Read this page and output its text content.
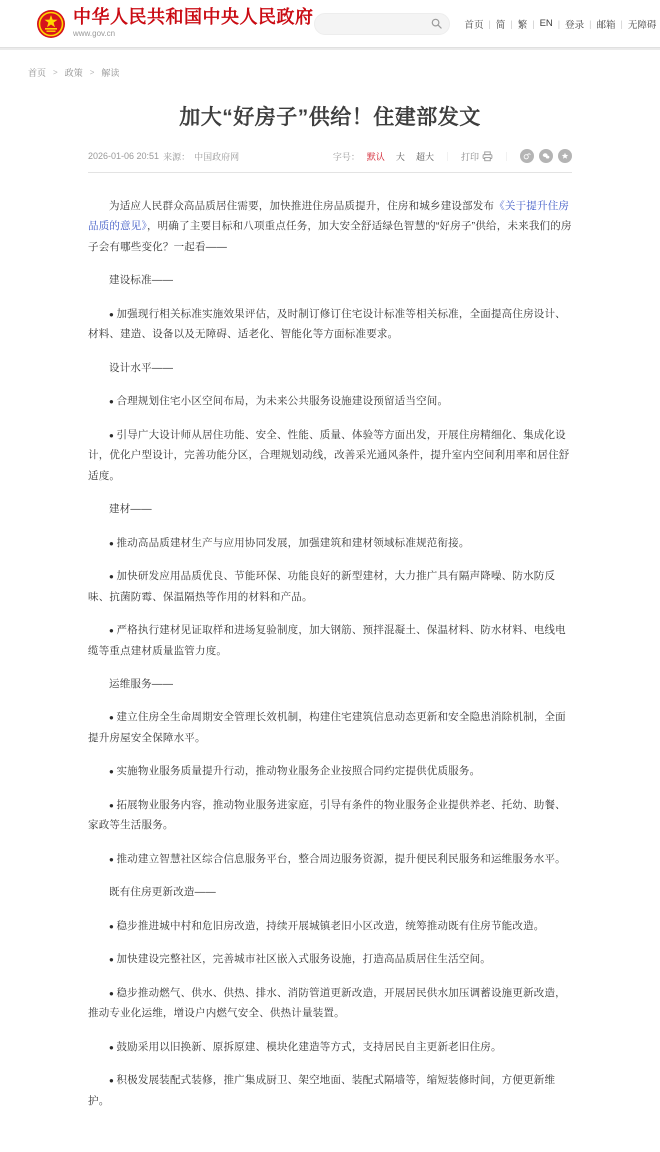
中华人民共和国中央人民政府
www.gov.cn
首页 | 简 | 繁 | EN | 登录 | 邮箱 | 无障碍
首页 > 政策 > 解读
加大“好房子”供给！住建部发文
2026-01-06 20:51 来源： 中国政府网	字号： 默认 大 超大 ｜ 打印	｜

为适应人民群众高品质居住需要，加快推进住房品质提升，住房和城乡建设部发布《关于提升住房品质的意见》，明确了主要目标和八项重点任务，加大安全舒适绿色智慧的“好房子”供给，未来我们的房子会有哪些变化？一起看——

建设标准——

● 加强现行相关标准实施效果评估，及时制订修订住宅设计标准等相关标准，全面提高住房设计、材料、建造、设备以及无障碍、适老化、智能化等方面标准要求。

设计水平——

● 合理规划住宅小区空间布局，为未来公共服务设施建设预留适当空间。

● 引导广大设计师从居住功能、安全、性能、质量、体验等方面出发，开展住房精细化、集成化设计，优化户型设计，完善功能分区，合理规划动线，改善采光通风条件，提升室内空间利用率和居住舒适度。

建材——

● 推动高品质建材生产与应用协同发展，加强建筑和建材领域标准规范衔接。

● 加快研发应用品质优良、节能环保、功能良好的新型建材，大力推广具有隔声降噪、防水防反味、抗菌防霉、保温隔热等作用的材料和产品。

● 严格执行建材见证取样和进场复验制度，加大钢筋、预拌混凝土、保温材料、防水材料、电线电缆等重点建材质量监管力度。

运维服务——

● 建立住房全生命周期安全管理长效机制，构建住宅建筑信息动态更新和安全隐患消除机制，全面提升房屋安全保障水平。

● 实施物业服务质量提升行动，推动物业服务企业按照合同约定提供优质服务。

● 拓展物业服务内容，推动物业服务进家庭，引导有条件的物业服务企业提供养老、托幼、助餐、家政等生活服务。

● 推动建立智慧社区综合信息服务平台，整合周边服务资源，提升便民利民服务和运维服务水平。

既有住房更新改造——

● 稳步推进城中村和危旧房改造，持续开展城镇老旧小区改造，统筹推动既有住房节能改造。

● 加快建设完整社区，完善城市社区嵌入式服务设施，打造高品质居住生活空间。

● 稳步推动燃气、供水、供热、排水、消防管道更新改造，开展居民供水加压调蓄设施更新改造，推动专业化运维，增设户内燃气安全、供热计量装置。

● 鼓励采用以旧换新、原拆原建、模块化建造等方式，支持居民自主更新老旧住房。

● 积极发展装配式装修，推广集成厨卫、架空地面、装配式隔墙等，缩短装修时间，方便更新维护。
